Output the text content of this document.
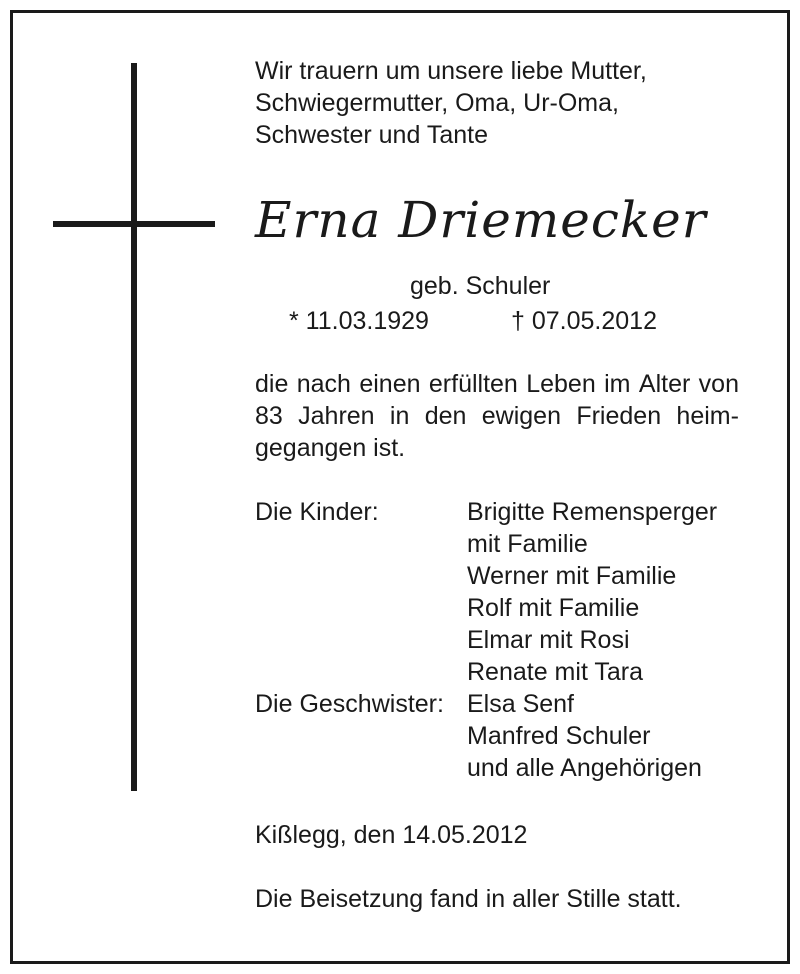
Wir trauern um unsere liebe Mutter,
Schwiegermutter, Oma, Ur-Oma,
Schwester und Tante
Erna Driemecker
geb. Schuler
* 11.03.1929	† 07.05.2012
die nach einen erfüllten Leben im Alter von
83 Jahren in den ewigen Frieden heim-
gegangen ist.
Die Kinder:	Brigitte Remensperger
mit Familie
Werner mit Familie
Rolf mit Familie
Elmar mit Rosi
Renate mit Tara
Die Geschwister: Elsa Senf
Manfred Schuler
und alle Angehörigen
Kißlegg, den 14.05.2012
Die Beisetzung fand in aller Stille statt.
